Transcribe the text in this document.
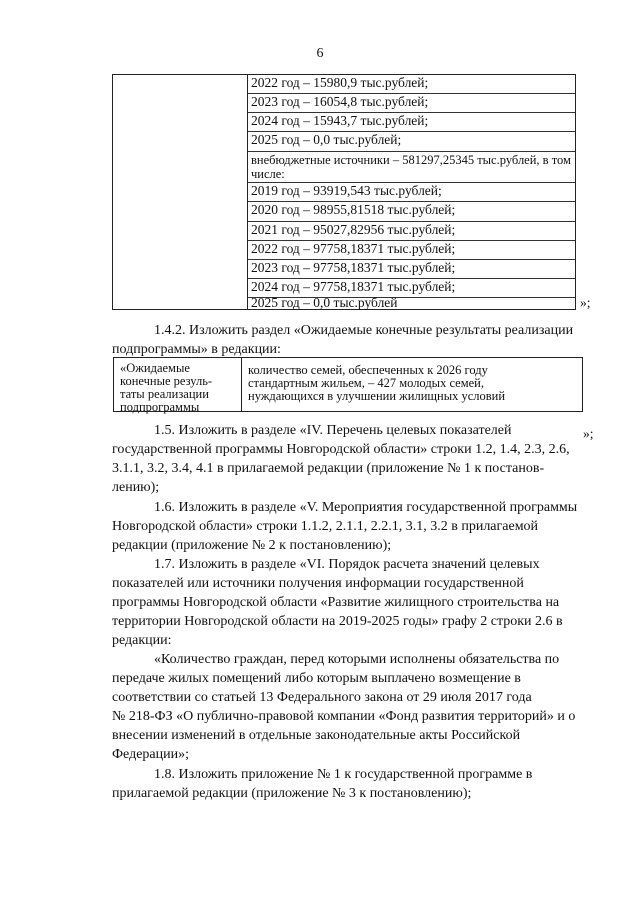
6
2022 год – 15980,9 тыс.рублей;
2023 год – 16054,8 тыс.рублей;
2024 год – 15943,7 тыс.рублей;
2025 год – 0,0 тыс.рублей;
внебюджетные источники – 581297,25345 тыс.рублей, в том числе:
2019 год – 93919,543 тыс.рублей;
2020 год – 98955,81518 тыс.рублей;
2021 год – 95027,82956 тыс.рублей;
2022 год – 97758,18371 тыс.рублей;
2023 год – 97758,18371 тыс.рублей;
2024 год – 97758,18371 тыс.рублей;
2025 год – 0,0 тыс.рублей	»;
1.4.2. Изложить раздел «Ожидаемые конечные результаты реализации
подпрограммы» в редакции:
«Ожидаемые
конечные резуль-
таты реализации
подпрограммы
количество семей, обеспеченных к 2026 году
стандартным жильем, – 427 молодых семей,
нуждающихся в улучшении жилищных условий
»;
1.5. Изложить в разделе «IV. Перечень целевых показателей
государственной программы Новгородской области» строки 1.2, 1.4, 2.3, 2.6,
3.1.1, 3.2, 3.4, 4.1 в прилагаемой редакции (приложение № 1 к постанов-
лению);
1.6. Изложить в разделе «V. Мероприятия государственной программы
Новгородской области» строки 1.1.2, 2.1.1, 2.2.1, 3.1, 3.2 в прилагаемой
редакции (приложение № 2 к постановлению);
1.7. Изложить в разделе «VI. Порядок расчета значений целевых
показателей или источники получения информации государственной
программы Новгородской области «Развитие жилищного строительства на
территории Новгородской области на 2019-2025 годы» графу 2 строки 2.6 в
редакции:
«Количество граждан, перед которыми исполнены обязательства по
передаче жилых помещений либо которым выплачено возмещение в
соответствии со статьей 13 Федерального закона от 29 июля 2017 года
№ 218-ФЗ «О публично-правовой компании «Фонд развития территорий» и о
внесении изменений в отдельные законодательные акты Российской
Федерации»;
1.8. Изложить приложение № 1 к государственной программе в
прилагаемой редакции (приложение № 3 к постановлению);
